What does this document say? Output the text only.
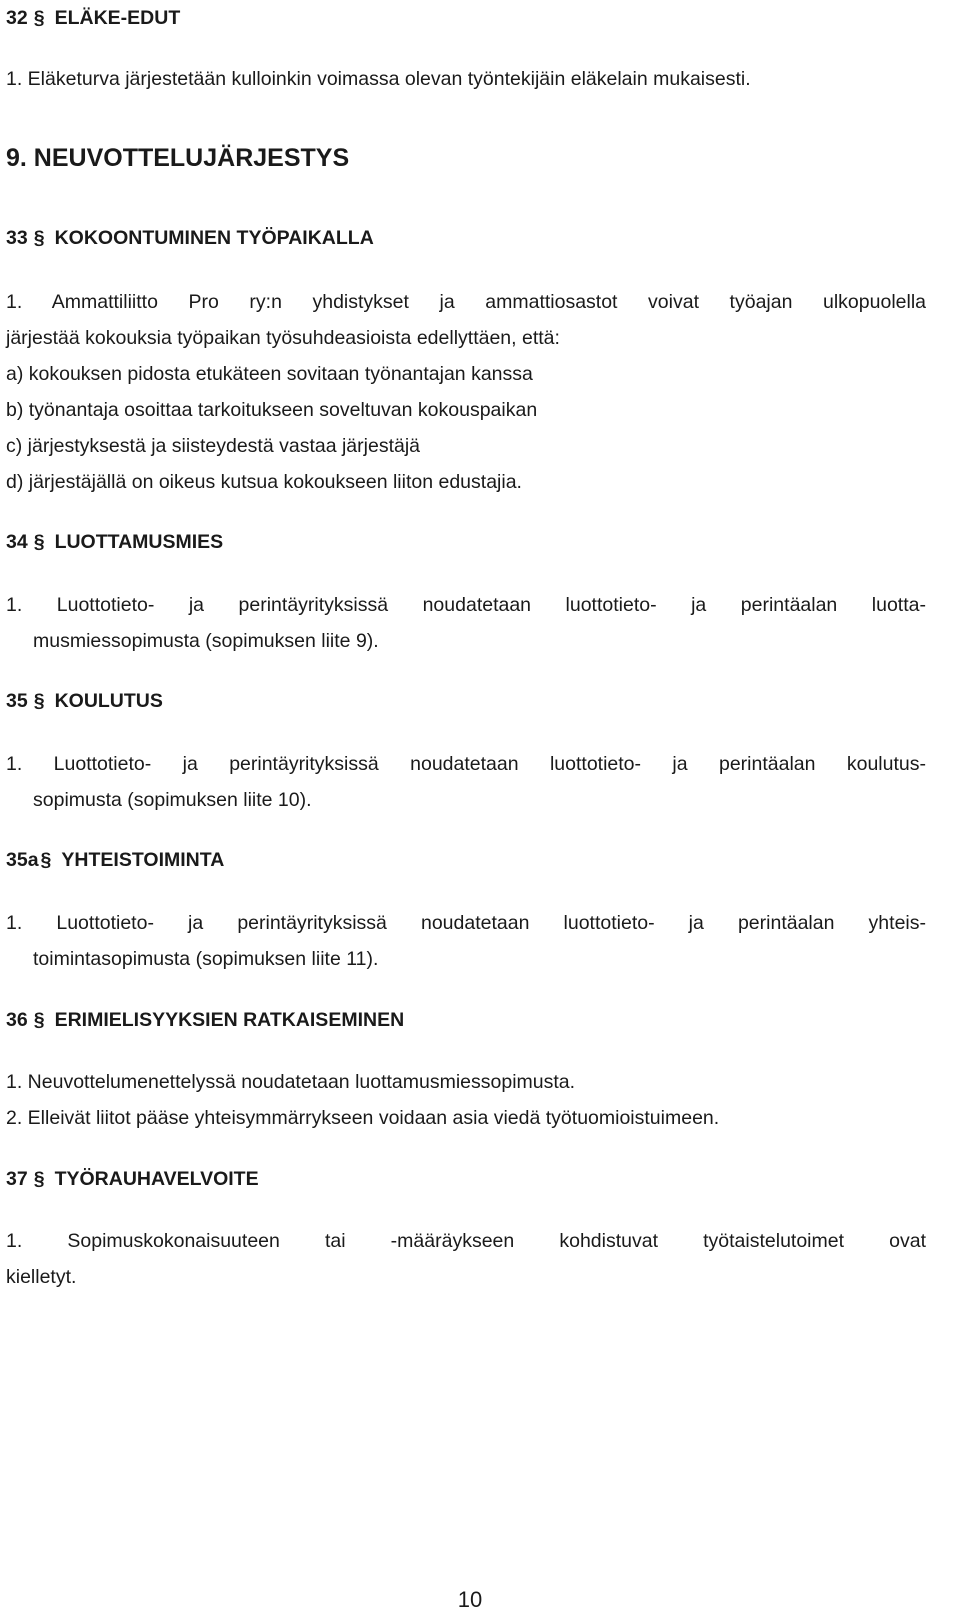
32 § ELÄKE-EDUT
1. Eläketurva järjestetään kulloinkin voimassa olevan työntekijäin eläkelain mukaisesti.
9. NEUVOTTELUJÄRJESTYS
33 § KOKOONTUMINEN TYÖPAIKALLA
1. Ammattiliitto Pro ry:n yhdistykset ja ammattiosastot voivat työajan ulkopuolella
järjestää kokouksia työpaikan työsuhdeasioista edellyttäen, että:
a) kokouksen pidosta etukäteen sovitaan työnantajan kanssa
b) työnantaja osoittaa tarkoitukseen soveltuvan kokouspaikan
c) järjestyksestä ja siisteydestä vastaa järjestäjä
d) järjestäjällä on oikeus kutsua kokoukseen liiton edustajia.
34 § LUOTTAMUSMIES
1. Luottotieto- ja perintäyrityksissä noudatetaan luottotieto- ja perintäalan luotta-
musmiessopimusta (sopimuksen liite 9).
35 § KOULUTUS
1. Luottotieto- ja perintäyrityksissä noudatetaan luottotieto- ja perintäalan koulutus-
sopimusta (sopimuksen liite 10).
35a § YHTEISTOIMINTA
1. Luottotieto- ja perintäyrityksissä noudatetaan luottotieto- ja perintäalan yhteis-
toimintasopimusta (sopimuksen liite 11).
36 § ERIMIELISYYKSIEN RATKAISEMINEN
1. Neuvottelumenettelyssä noudatetaan luottamusmiessopimusta.
2. Elleivät liitot pääse yhteisymmärrykseen voidaan asia viedä työtuomioistuimeen.
37 § TYÖRAUHAVELVOITE
1. Sopimuskokonaisuuteen tai -määräykseen kohdistuvat työtaistelutoimet ovat
kielletyt.
10
